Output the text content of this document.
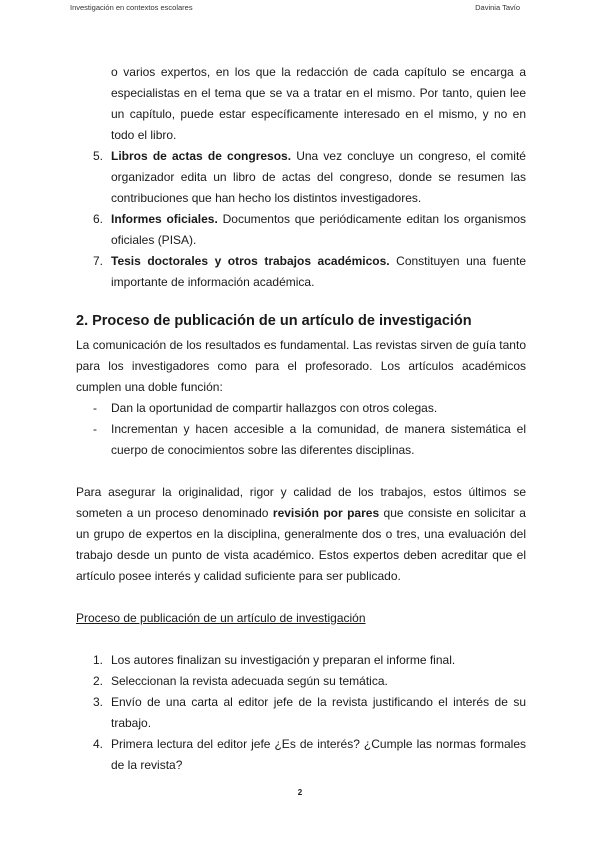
Investigación en contextos escolares	Davinia Tavío

o varios expertos, en los que la redacción de cada capítulo se encarga a especialistas en el tema que se va a tratar en el mismo. Por tanto, quien lee un capítulo, puede estar específicamente interesado en el mismo, y no en todo el libro.

5. Libros de actas de congresos. Una vez concluye un congreso, el comité organizador edita un libro de actas del congreso, donde se resumen las contribuciones que han hecho los distintos investigadores.
6. Informes oficiales. Documentos que periódicamente editan los organismos oficiales (PISA).
7. Tesis doctorales y otros trabajos académicos. Constituyen una fuente importante de información académica.
2. Proceso de publicación de un artículo de investigación

La comunicación de los resultados es fundamental. Las revistas sirven de guía tanto para los investigadores como para el profesorado. Los artículos académicos cumplen una doble función:

- Dan la oportunidad de compartir hallazgos con otros colegas.
- Incrementan y hacen accesible a la comunidad, de manera sistemática el cuerpo de conocimientos sobre las diferentes disciplinas.

Para asegurar la originalidad, rigor y calidad de los trabajos, estos últimos se someten a un proceso denominado revisión por pares que consiste en solicitar a un grupo de expertos en la disciplina, generalmente dos o tres, una evaluación del trabajo desde un punto de vista académico. Estos expertos deben acreditar que el artículo posee interés y calidad suficiente para ser publicado.

Proceso de publicación de un artículo de investigación

1. Los autores finalizan su investigación y preparan el informe final.
2. Seleccionan la revista adecuada según su temática.
3. Envío de una carta al editor jefe de la revista justificando el interés de su trabajo.
4. Primera lectura del editor jefe ¿Es de interés? ¿Cumple las normas formales de la revista?
2
